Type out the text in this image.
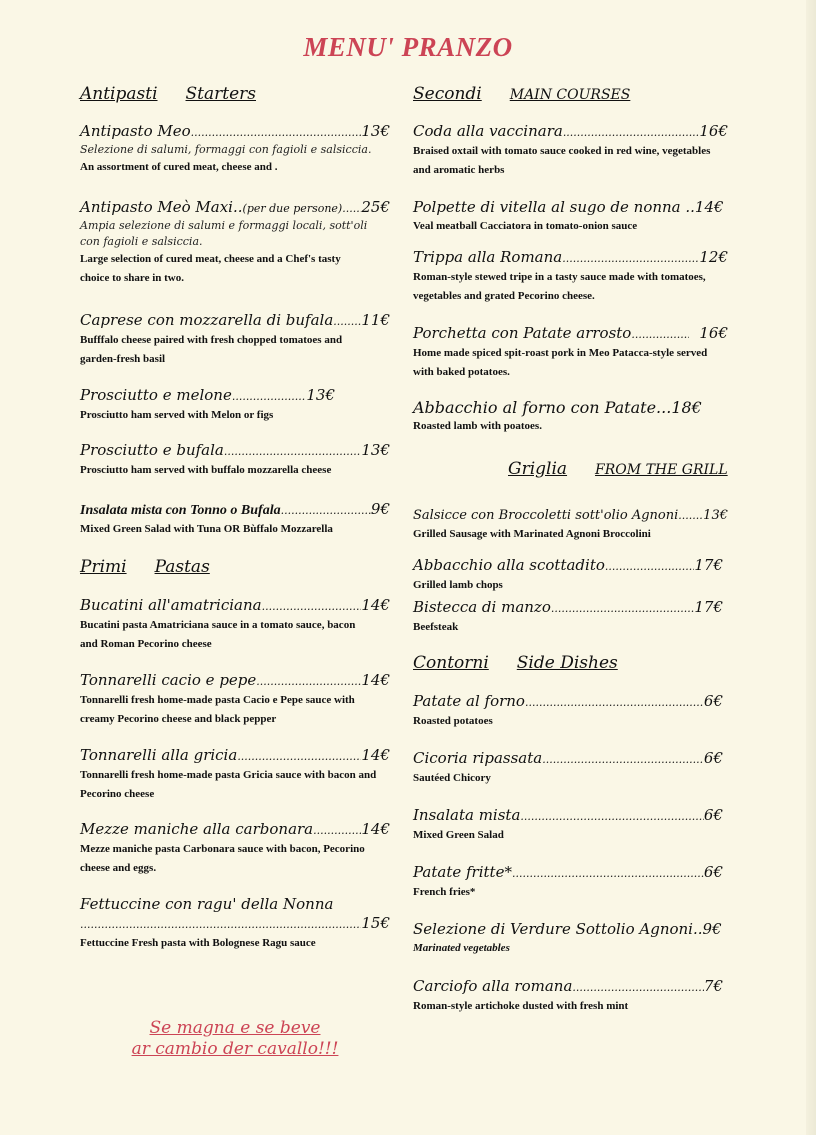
MENU' PRANZO
Antipasti Starters
Antipasto Meo .....	13€
Selezione di salumi, formaggi con fagioli e salsiccia.
An assortment of cured meat, cheese and .
Antipasto Meò Maxi.. (per due persone) ..... 25€
Ampia selezione di salumi e formaggi locali, sott'oli con fagioli e salsiccia.
Large selection of cured meat, cheese and a Chef's tasty choice to share in two.
Caprese con mozzarella di bufala ..... 11€
Bufffalo cheese paired with fresh chopped tomatoes and garden-fresh basil
Prosciutto e melone .....	13€
Prosciutto ham served with Melon or figs
Prosciutto e bufala .....	13€
Prosciutto ham served with buffalo mozzarella cheese
Insalata mista con Tonno o Bufala .....	9€
Mixed Green Salad with Tuna OR Bùffalo Mozzarella
Primi Pastas
Bucatini all'amatriciana .....	14€
Bucatini pasta Amatriciana sauce in a tomato sauce, bacon and Roman Pecorino cheese
Tonnarelli cacio e pepe .....	14€
Tonnarelli fresh home-made pasta Cacio e Pepe sauce with creamy Pecorino cheese and black pepper
Tonnarelli alla gricia .....	14€
Tonnarelli fresh home-made pasta Gricia sauce with bacon and Pecorino cheese
Mezze maniche alla carbonara .....	14€
Mezze maniche pasta Carbonara sauce with bacon, Pecorino cheese and eggs.
Fettuccine con ragu' della Nonna
.....
15€
Fettuccine Fresh pasta with Bolognese Ragu sauce
Secondi MAIN COURSES
Coda alla vaccinara .....	16€
Braised oxtail with tomato sauce cooked in red wine, vegetables and aromatic herbs
Polpette di vitella al sugo de nonna .. 14€
Veal meatball Cacciatora in tomato-onion sauce
Trippa alla Romana .....	12€
Roman-style stewed tripe in a tasty sauce made with tomatoes, vegetables and grated Pecorino cheese.
Porchetta con Patate arrosto .....	16€
Home made spiced spit-roast pork in Meo Patacca-style served with baked potatoes.
Abbacchio al forno con Patate... 18€
Roasted lamb with poatoes.
Griglia FROM THE GRILL
Salsicce con Broccoletti sott'olio Agnoni ..... 13€
Grilled Sausage with Marinated Agnoni Broccolini
Abbacchio alla scottadito .....	17€
Grilled lamb chops
Bistecca di manzo .....	17€
Beefsteak
Contorni Side Dishes
Patate al forno .....	6€
Roasted potatoes
Cicoria ripassata .....	6€
Sautéed Chicory
Insalata mista .....	6€
Mixed Green Salad
Patate fritte* .....	6€
French fries*
Selezione di Verdure Sottolio Agnoni.. 9€
Marinated vegetables
Carciofo alla romana .....	7€
Roman-style artichoke dusted with fresh mint
Se magna e se beve
ar cambio der cavallo!!!
